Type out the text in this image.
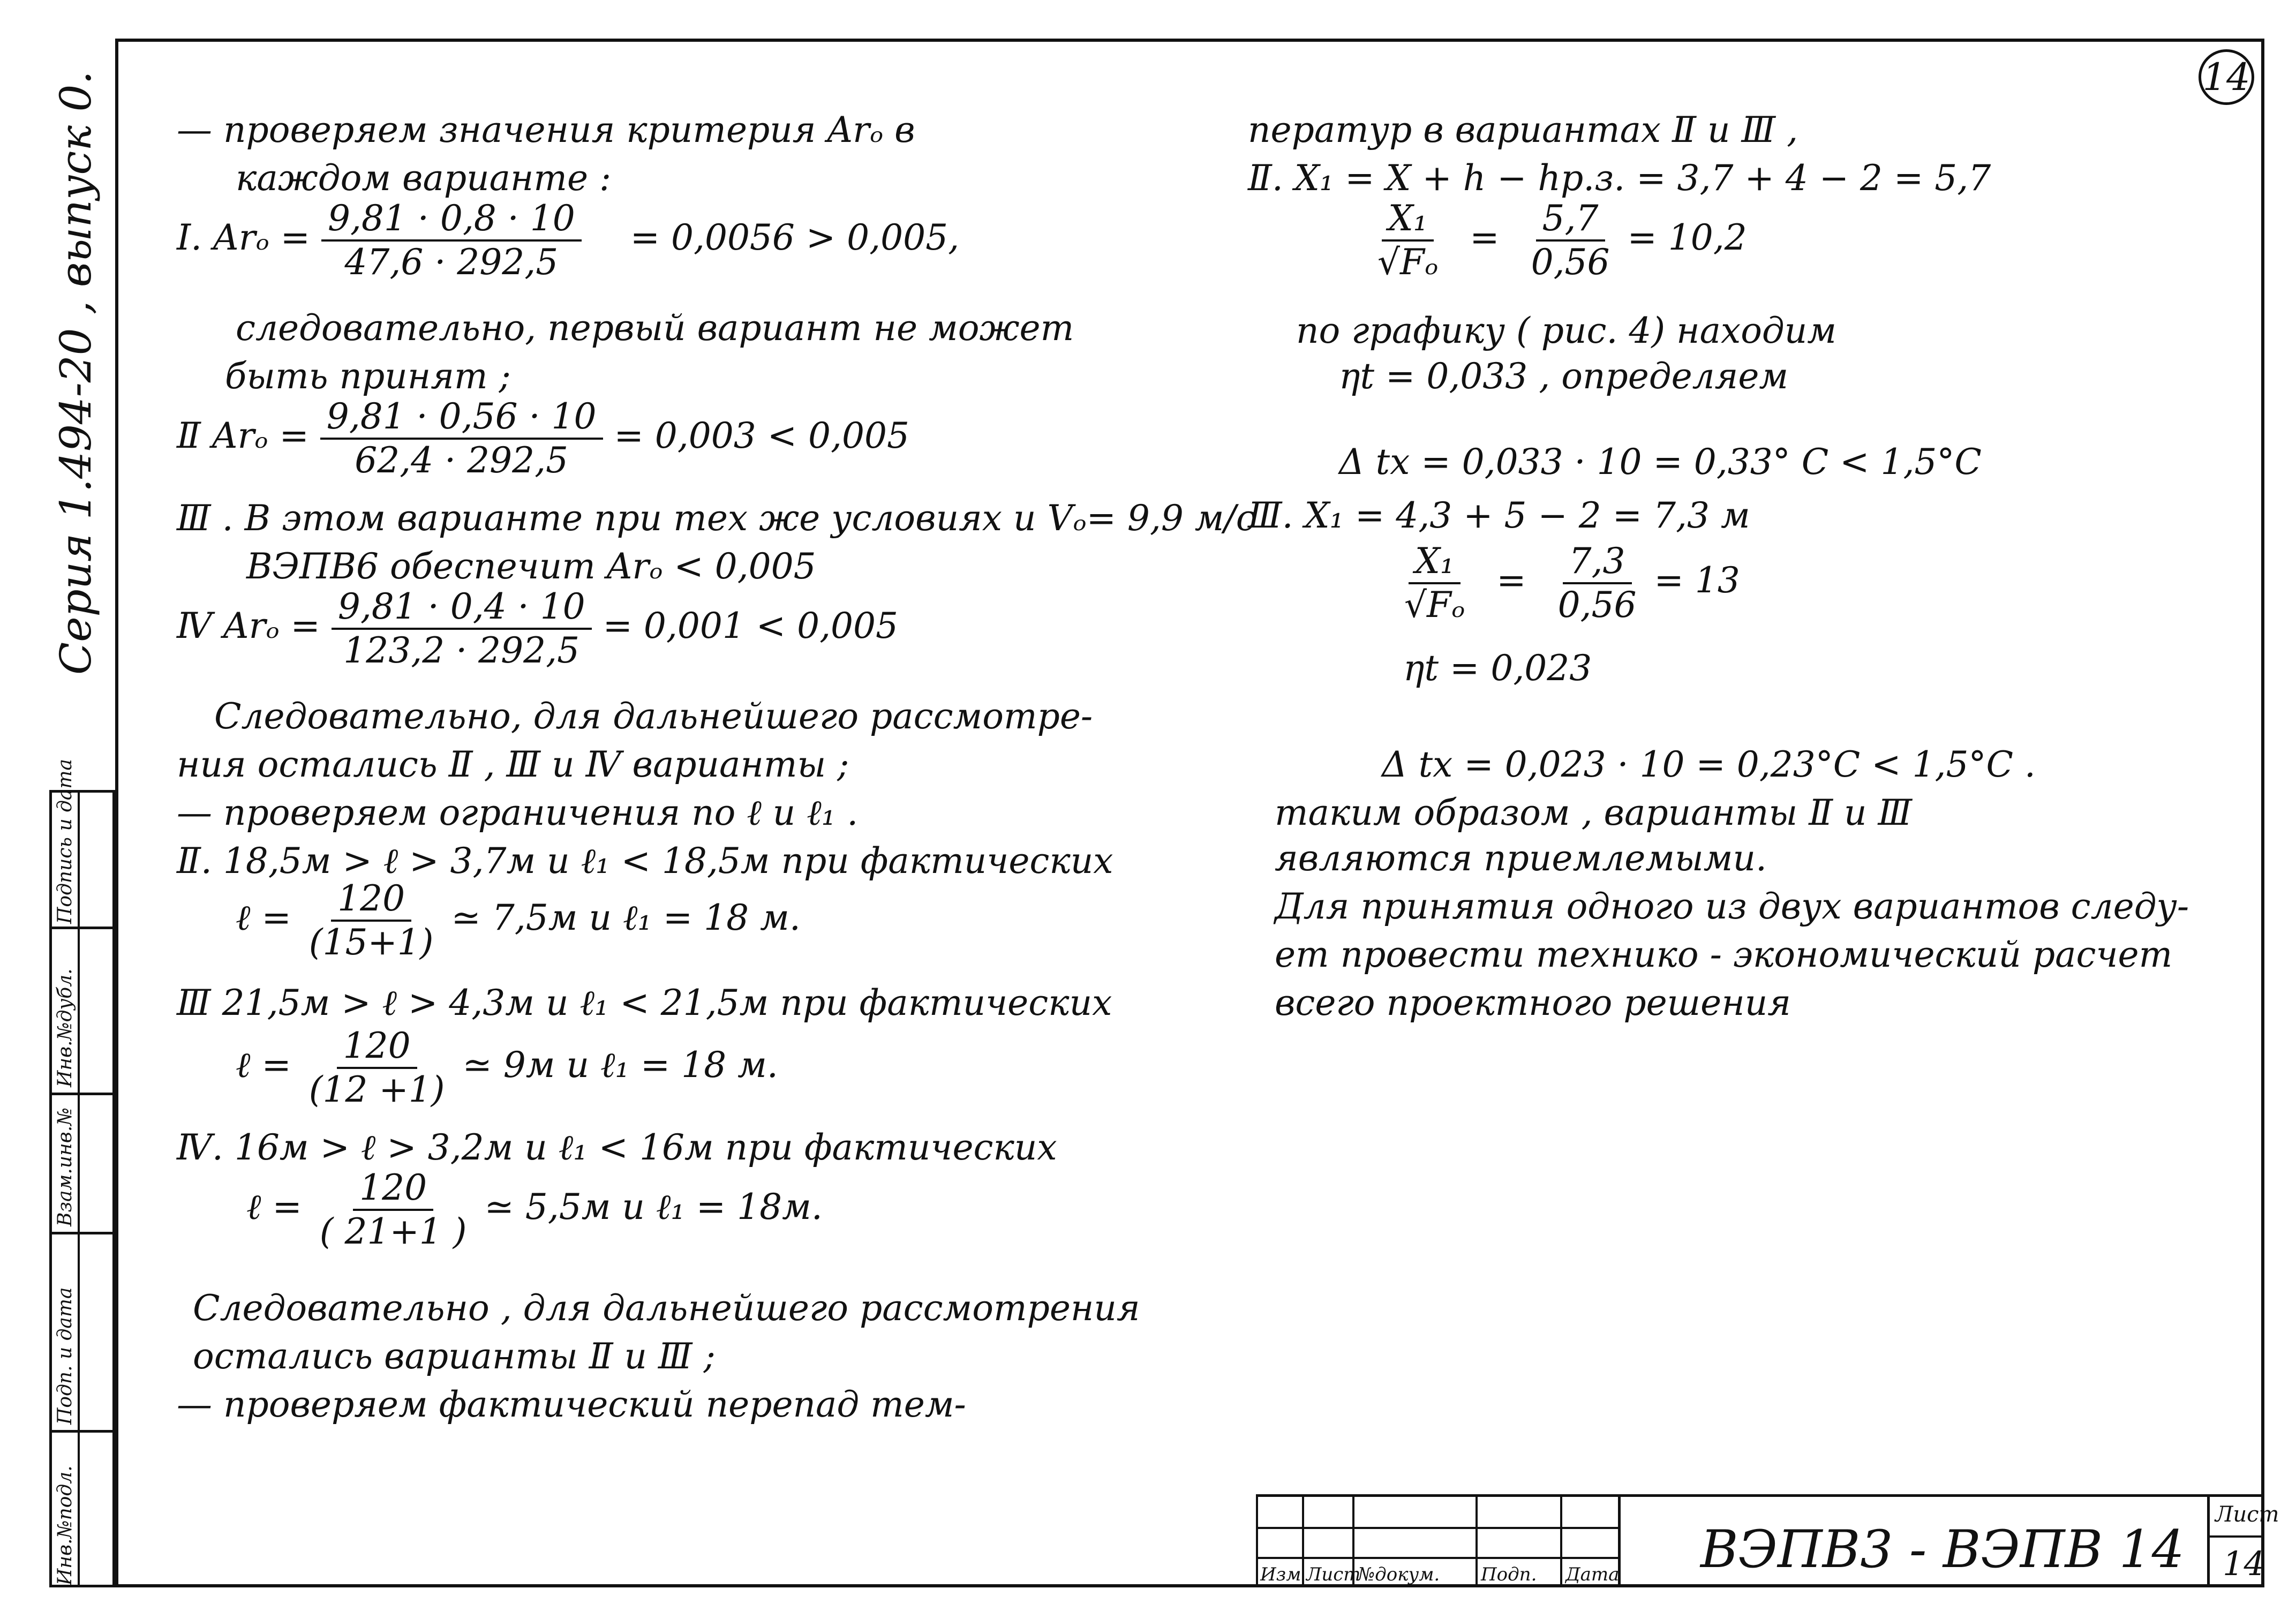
14
Серия 1.494-20 , выпуск 0.
Инв.№подл.
Подп. и дата
Взам.инв.№
Инв.№дубл.
Подпись и дата
— проверяем значения критерия Arₒ в
каждом варианте :
Ⅰ. $Ar_o = \frac{9,81 \cdot 0,8 \cdot 10}{47,6 \cdot 292,5} = 0,0056 > 0,005$,
следовательно, первый вариант не может
быть принят ;
Ⅱ $Ar_o = \frac{9,81 \cdot 0,56 \cdot 10}{62,4 \cdot 292,5} = 0,003 < 0,005$
Ⅲ . В этом варианте при тех же условиях и Vₒ= 9,9 м/с
ВЭПВ6 обеспечит Arₒ < 0,005
Ⅳ $Ar_o = \frac{9,81 \cdot 0,4 \cdot 10}{123,2 \cdot 292,5} = 0,001 < 0,005$
Следовательно, для дальнейшего рассмотре-
ния остались Ⅱ , Ⅲ и Ⅳ варианты ;
— проверяем ограничения по ℓ и ℓ₁ .
Ⅱ. 18,5м > ℓ > 3,7м и ℓ₁ < 18,5м при фактических
ℓ = $\frac{120}{(15+1)}$ ≃ 7,5м и ℓ₁ = 18 м.
Ⅲ 21,5м > ℓ > 4,3м и ℓ₁ < 21,5м при фактических
ℓ = $\frac{120}{(12 +1)}$ ≃ 9м и ℓ₁ = 18 м.
Ⅳ. 16м > ℓ > 3,2м и ℓ₁ < 16м при фактических
ℓ = $\frac{120}{( 21+1 )}$ ≃ 5,5м и ℓ₁ = 18м.
Следовательно , для дальнейшего рассмотрения
остались варианты Ⅱ и Ⅲ ;
— проверяем фактический перепад тем-
ператур в вариантах Ⅱ и Ⅲ ,
Ⅱ. X₁ = X + h − hр.з. = 3,7 + 4 − 2 = 5,7
$\frac{\text{X₁}}{\text{√Fₒ}} = \frac{5,7}{0,56} = 10,2$
по графику ( рис. 4) находим
ηt = 0,033 , определяем
Δ tx = 0,033 · 10 = 0,33° C < 1,5°C
Ⅲ. X₁ = 4,3 + 5 − 2 = 7,3 м
$\frac{\text{X₁}}{\text{√Fₒ}} = \frac{7,3}{0,56} = 13$
ηt = 0,023
Δ tx = 0,023 · 10 = 0,23°C < 1,5°C .
таким образом , варианты Ⅱ и Ⅲ
являются приемлемыми.
Для принятия одного из двух вариантов следу-
ет провести технико - экономический расчет
всего проектного решения
Изм Лист
№докум. Подп. Дата ВЭПВ3 - ВЭПВ 14
Лист
14
